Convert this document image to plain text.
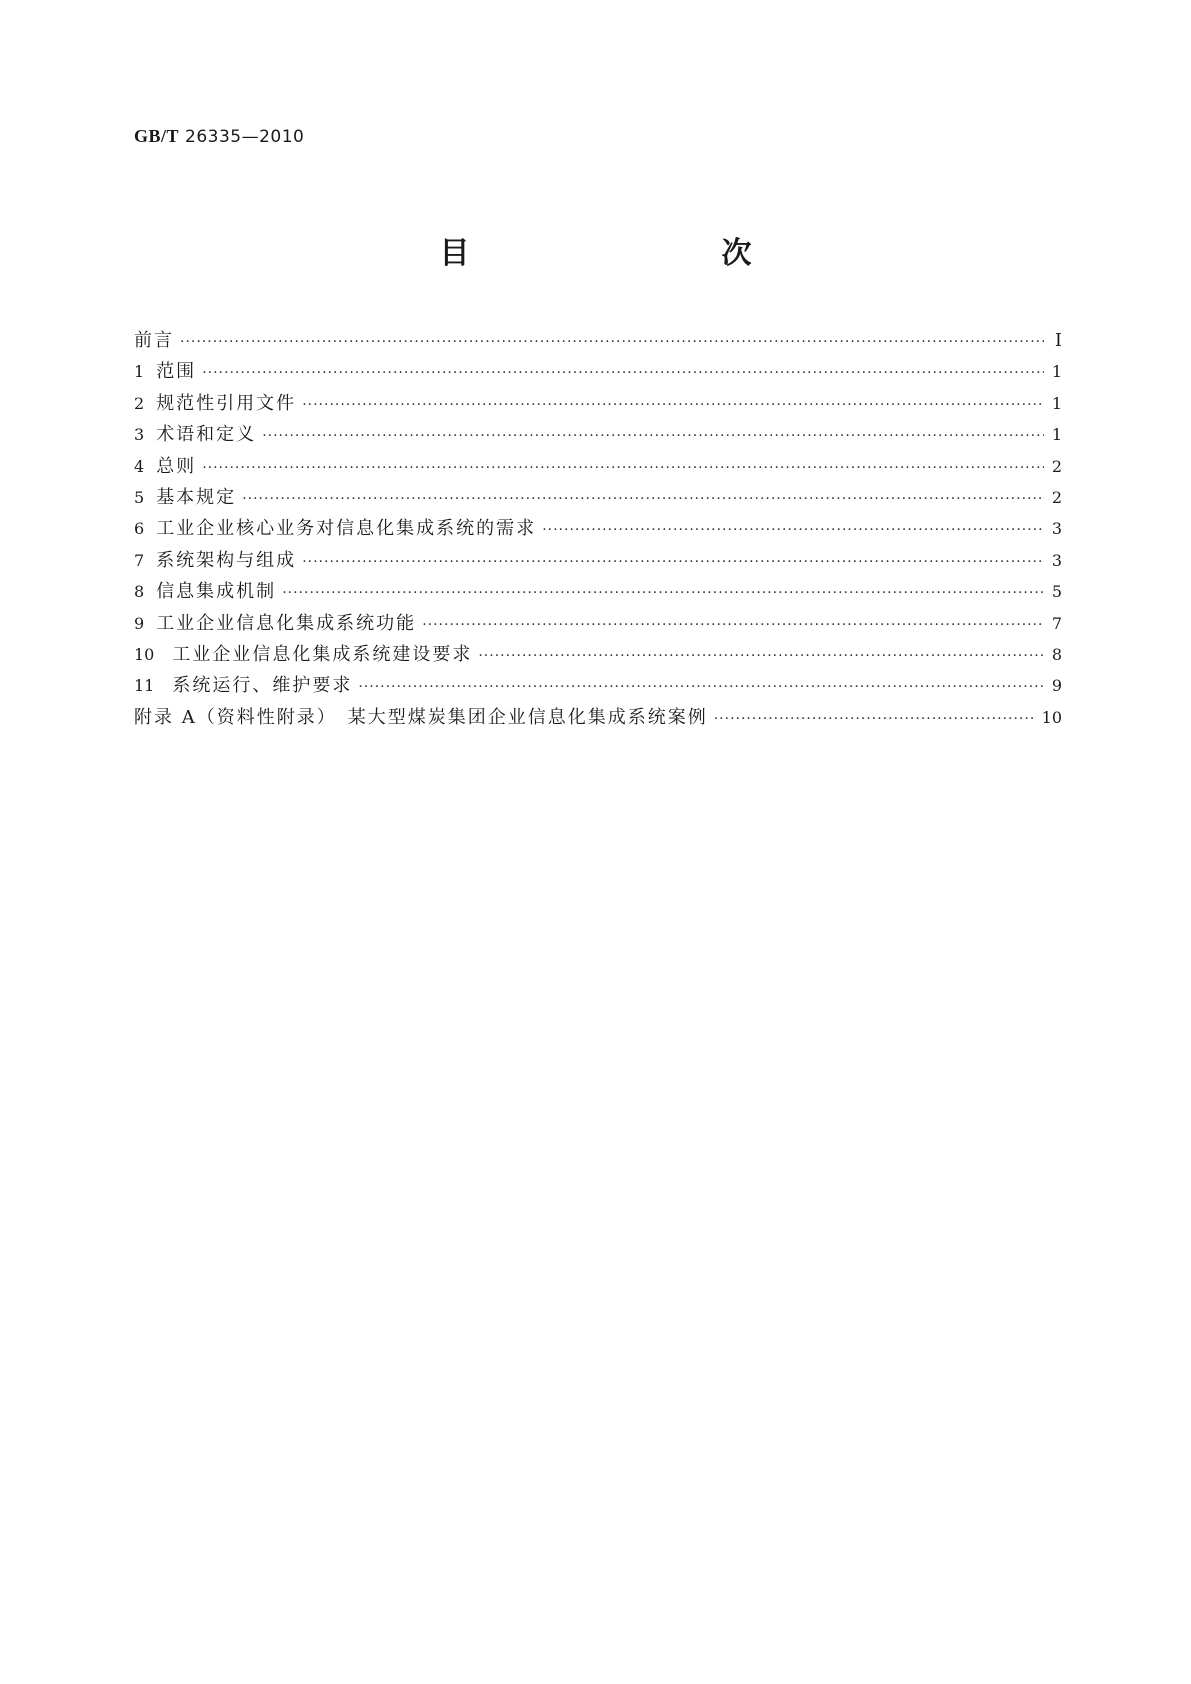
GB/T 26335—2010
目　　次
前言 ·····	Ⅰ
1 范围 ·····	1
2 规范性引用文件 ·····	1
3 术语和定义 ·····	1
4 总则 ·····	2
5 基本规定 ·····	2
6 工业企业核心业务对信息化集成系统的需求 ·····	3
7 系统架构与组成 ·····	3
8 信息集成机制 ·····	5
9 工业企业信息化集成系统功能 ·····	7
10 工业企业信息化集成系统建设要求 ·····	8
11 系统运行、维护要求 ·····	9
附录 A（资料性附录）　某大型煤炭集团企业信息化集成系统案例 ·····	10
